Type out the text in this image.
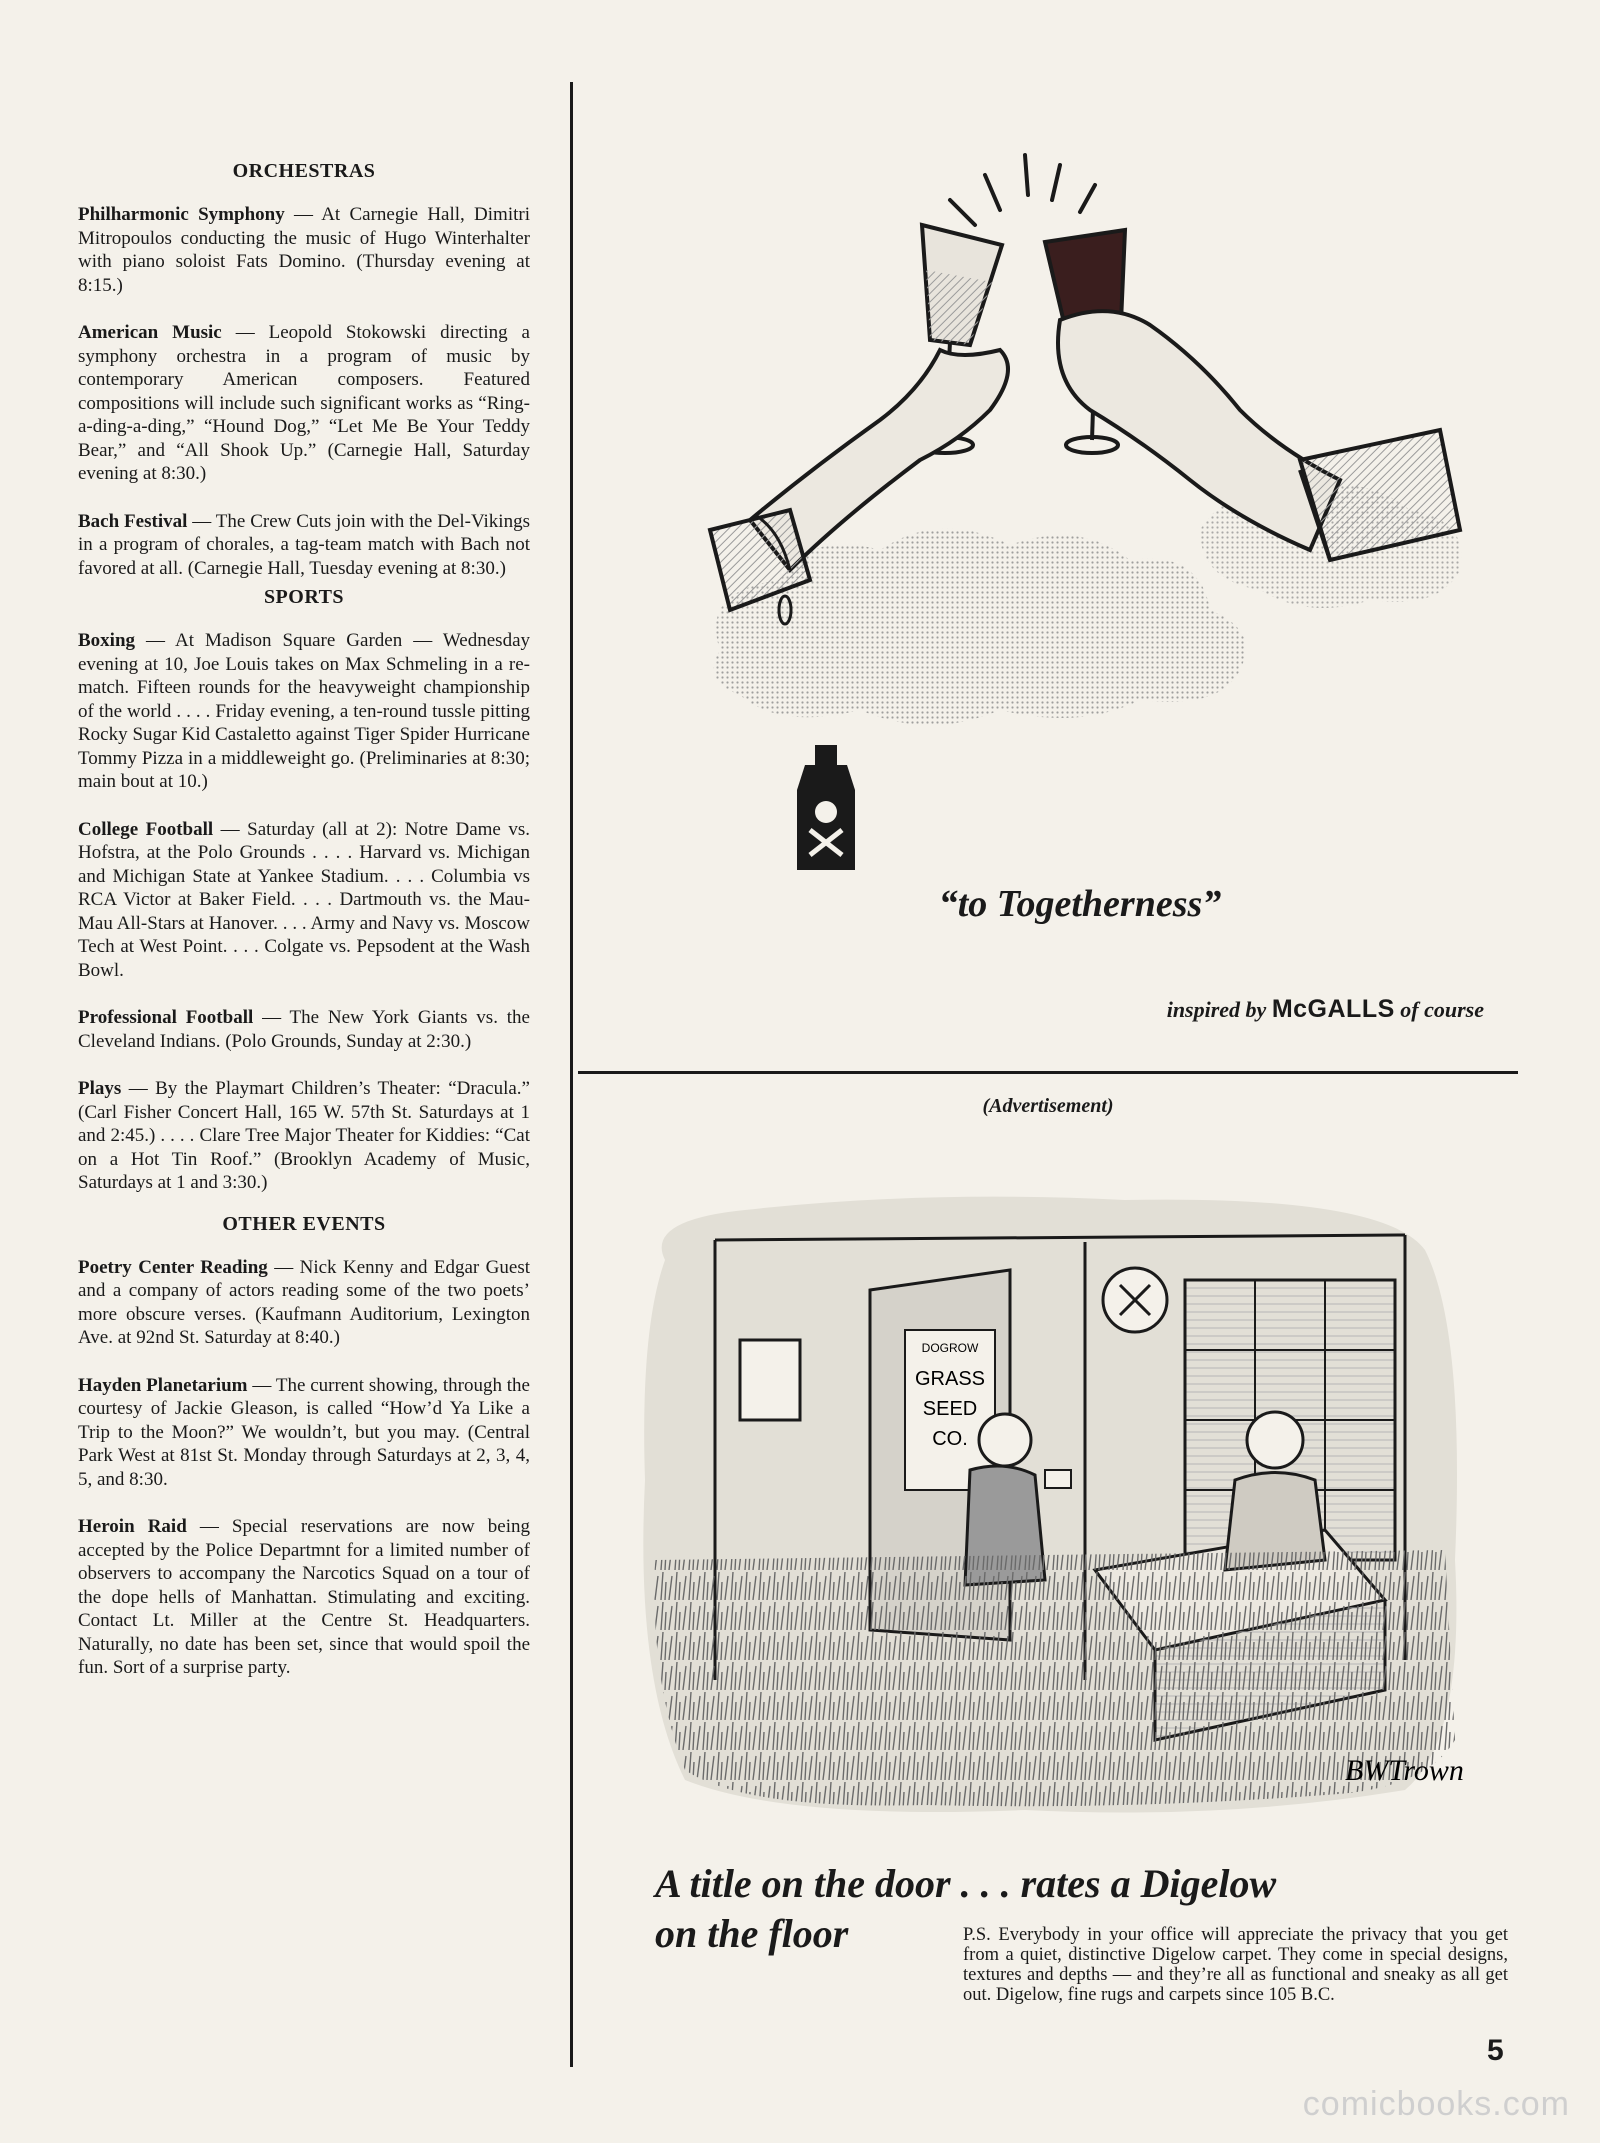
ORCHESTRAS

Philharmonic Symphony — At Carnegie Hall, Dimitri Mitropoulos conducting the music of Hugo Winterhalter with piano soloist Fats Domino. (Thursday evening at 8:15.)

American Music — Leopold Stokowski directing a symphony orchestra in a program of music by contemporary American composers. Featured compositions will include such significant works as “Ring-a-ding-a-ding,” “Hound Dog,” “Let Me Be Your Teddy Bear,” and “All Shook Up.” (Carnegie Hall, Saturday evening at 8:30.)

Bach Festival — The Crew Cuts join with the Del-Vikings in a program of chorales, a tag-team match with Bach not favored at all. (Carnegie Hall, Tuesday evening at 8:30.)

SPORTS

Boxing — At Madison Square Garden — Wednesday evening at 10, Joe Louis takes on Max Schmeling in a re-match. Fifteen rounds for the heavyweight championship of the world . . . . Friday evening, a ten-round tussle pitting Rocky Sugar Kid Castaletto against Tiger Spider Hurricane Tommy Pizza in a middleweight go. (Preliminaries at 8:30; main bout at 10.)

College Football — Saturday (all at 2): Notre Dame vs. Hofstra, at the Polo Grounds . . . . Harvard vs. Michigan and Michigan State at Yankee Stadium. . . . Columbia vs RCA Victor at Baker Field. . . . Dartmouth vs. the Mau-Mau All-Stars at Hanover. . . . Army and Navy vs. Moscow Tech at West Point. . . . Colgate vs. Pepsodent at the Wash Bowl.

Professional Football — The New York Giants vs. the Cleveland Indians. (Polo Grounds, Sunday at 2:30.)

Plays — By the Playmart Children’s Theater: “Dracula.” (Carl Fisher Concert Hall, 165 W. 57th St. Saturdays at 1 and 2:45.) . . . . Clare Tree Major Theater for Kiddies: “Cat on a Hot Tin Roof.” (Brooklyn Academy of Music, Saturdays at 1 and 3:30.)

OTHER EVENTS

Poetry Center Reading — Nick Kenny and Edgar Guest and a company of actors reading some of the two poets’ more obscure verses. (Kaufmann Auditorium, Lexington Ave. at 92nd St. Saturday at 8:40.)

Hayden Planetarium — The current showing, through the courtesy of Jackie Gleason, is called “How’d Ya Like a Trip to the Moon?” We wouldn’t, but you may. (Central Park West at 81st St. Monday through Saturdays at 2, 3, 4, 5, and 8:30.

Heroin Raid — Special reservations are now being accepted by the Police Departmnt for a limited number of observers to accompany the Narcotics Squad on a tour of the dope hells of Manhattan. Stimulating and exciting. Contact Lt. Miller at the Centre St. Headquarters. Naturally, no date has been set, since that would spoil the fun. Sort of a surprise party.

“to Togetherness”
inspired by McGALLS of course
(Advertisement)
DOGROW
GRASS
SEED
CO.
BWTrown
A title on the door . . . rates a Digelow
on the floor	P.S. Everybody in your office will appreciate the privacy that you get from a quiet, distinctive Digelow carpet. They come in special designs, textures and depths — and they’re all as functional and sneaky as all get out. Digelow, fine rugs and carpets since 105 B.C.
5
comicbooks.com
